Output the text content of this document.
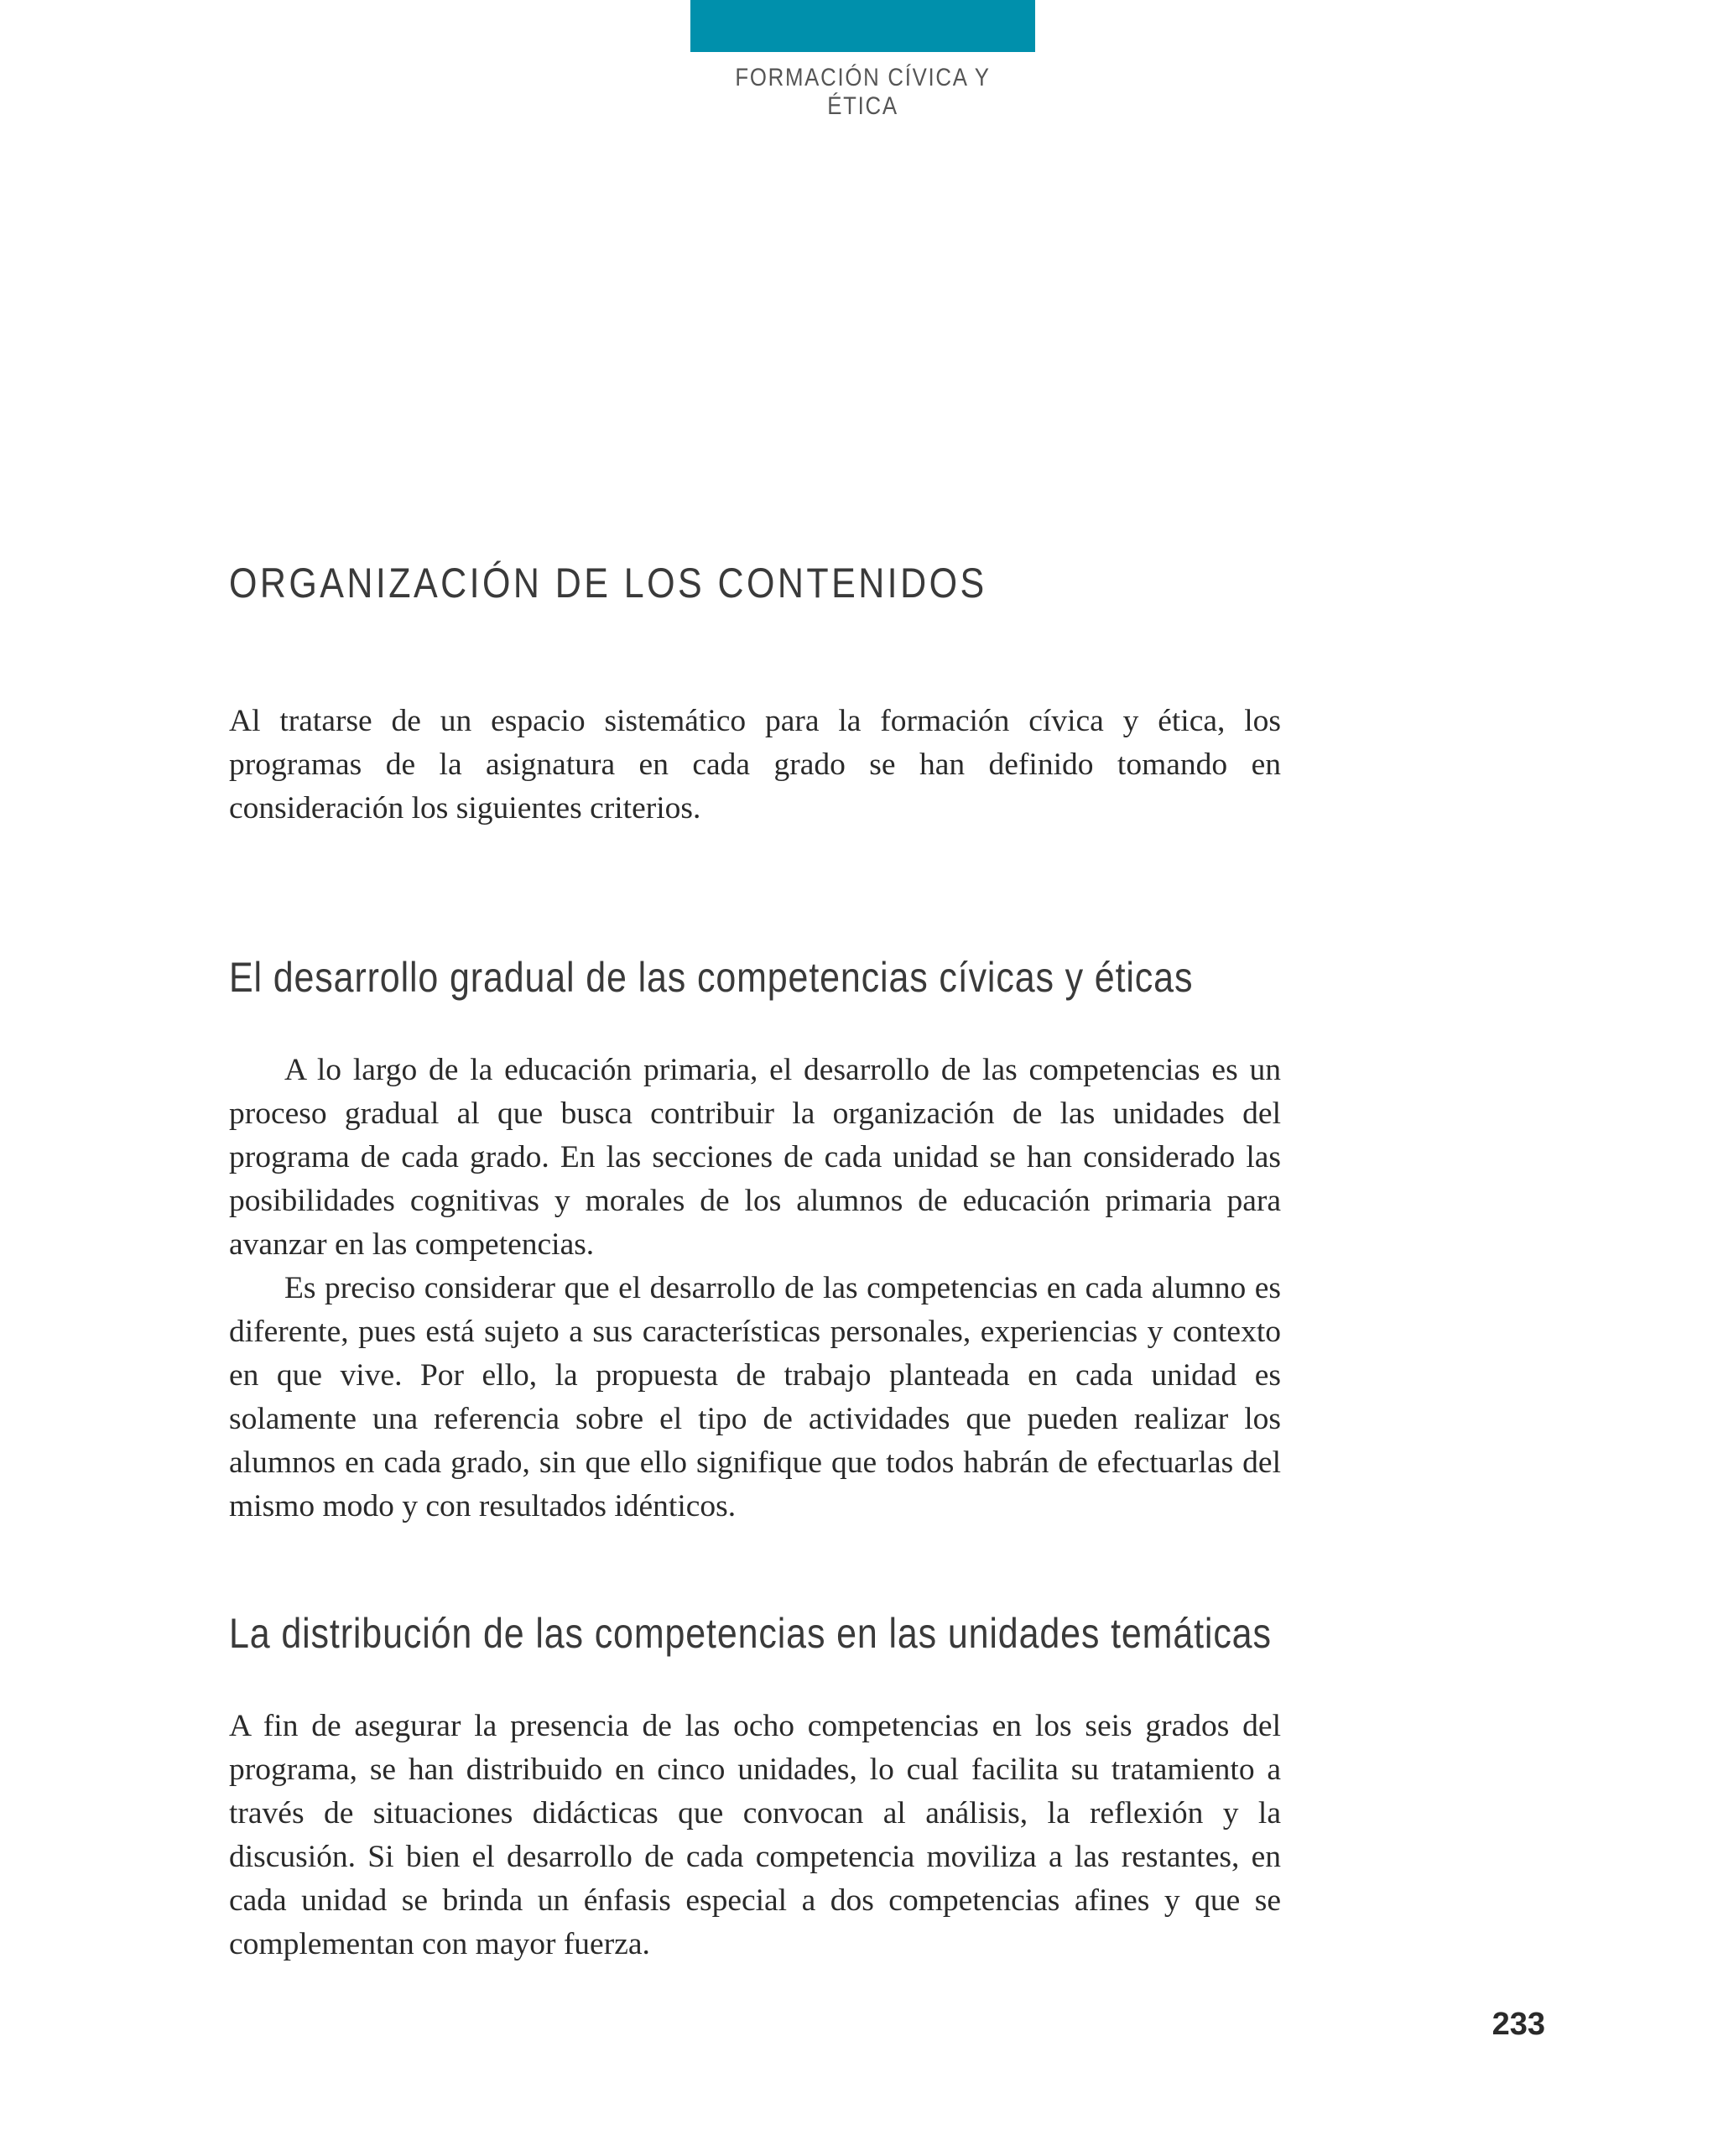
FORMACIÓN CÍVICA Y ÉTICA
ORGANIZACIÓN DE LOS CONTENIDOS

Al tratarse de un espacio sistemático para la formación cívica y ética, los programas de la asignatura en cada grado se han definido tomando en consideración los siguientes criterios.

El desarrollo gradual de las competencias cívicas y éticas

A lo largo de la educación primaria, el desarrollo de las competencias es un proceso gradual al que busca contribuir la organización de las unidades del programa de cada grado. En las secciones de cada unidad se han considerado las posibilidades cognitivas y morales de los alumnos de educación primaria para avanzar en las competencias.

Es preciso considerar que el desarrollo de las competencias en cada alumno es diferente, pues está sujeto a sus características personales, experiencias y contexto en que vive. Por ello, la propuesta de trabajo planteada en cada unidad es solamente una referencia sobre el tipo de actividades que pueden realizar los alumnos en cada grado, sin que ello signifique que todos habrán de efectuarlas del mismo modo y con resultados idénticos.

La distribución de las competencias en las unidades temáticas

A fin de asegurar la presencia de las ocho competencias en los seis grados del programa, se han distribuido en cinco unidades, lo cual facilita su tratamiento a través de situaciones didácticas que convocan al análisis, la reflexión y la discusión. Si bien el desarrollo de cada competencia moviliza a las restantes, en cada unidad se brinda un énfasis especial a dos competencias afines y que se complementan con mayor fuerza.

233
